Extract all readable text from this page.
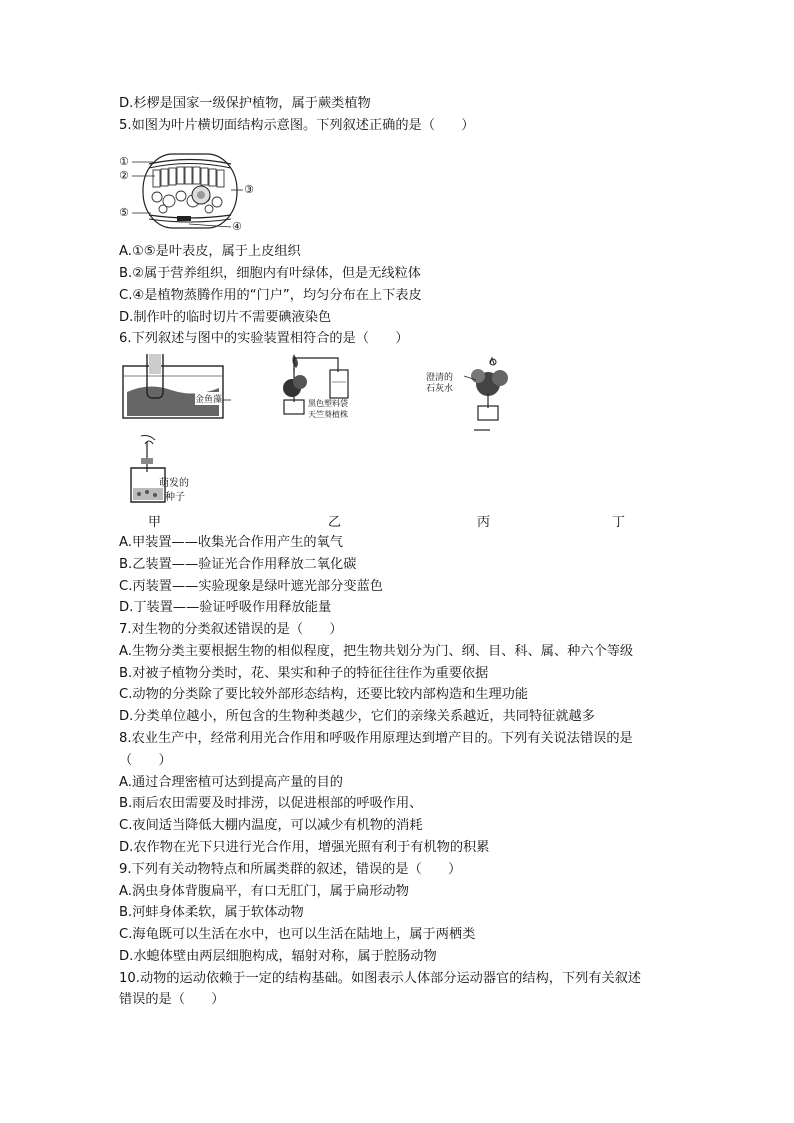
D.杉椤是国家一级保护植物，属于蕨类植物
5.如图为叶片横切面结构示意图。下列叙述正确的是（　　）
①
②
③
⑤
④
A.①⑤是叶表皮，属于上皮组织
B.②属于营养组织，细胞内有叶绿体，但是无线粒体
C.④是植物蒸腾作用的“门户”，均匀分布在上下表皮
D.制作叶的临时切片不需要碘液染色
6.下列叙述与图中的实验装置相符合的是（　　）
金鱼藻	黑色塑料袋
天竺葵植株
澄清的
石灰水
萌发的
种子
甲	乙	丙	丁
A.甲装置——收集光合作用产生的氧气
B.乙装置——验证光合作用释放二氧化碳
C.丙装置——实验现象是绿叶遮光部分变蓝色
D.丁装置——验证呼吸作用释放能量
7.对生物的分类叙述错误的是（　　）
A.生物分类主要根据生物的相似程度，把生物共划分为门、纲、目、科、属、种六个等级
B.对被子植物分类时，花、果实和种子的特征往往作为重要依据
C.动物的分类除了要比较外部形态结构，还要比较内部构造和生理功能
D.分类单位越小，所包含的生物种类越少，它们的亲缘关系越近，共同特征就越多
8.农业生产中，经常利用光合作用和呼吸作用原理达到增产目的。下列有关说法错误的是
（　　）
A.通过合理密植可达到提高产量的目的
B.雨后农田需要及时排涝，以促进根部的呼吸作用、
C.夜间适当降低大棚内温度，可以减少有机物的消耗
D.农作物在光下只进行光合作用，增强光照有利于有机物的积累
9.下列有关动物特点和所属类群的叙述，错误的是（　　）
A.涡虫身体背腹扁平，有口无肛门，属于扁形动物
B.河蚌身体柔软，属于软体动物
C.海龟既可以生活在水中，也可以生活在陆地上，属于两栖类
D.水螅体壁由两层细胞构成，辐射对称，属于腔肠动物
10.动物的运动依赖于一定的结构基础。如图表示人体部分运动器官的结构，下列有关叙述
错误的是（　　）
